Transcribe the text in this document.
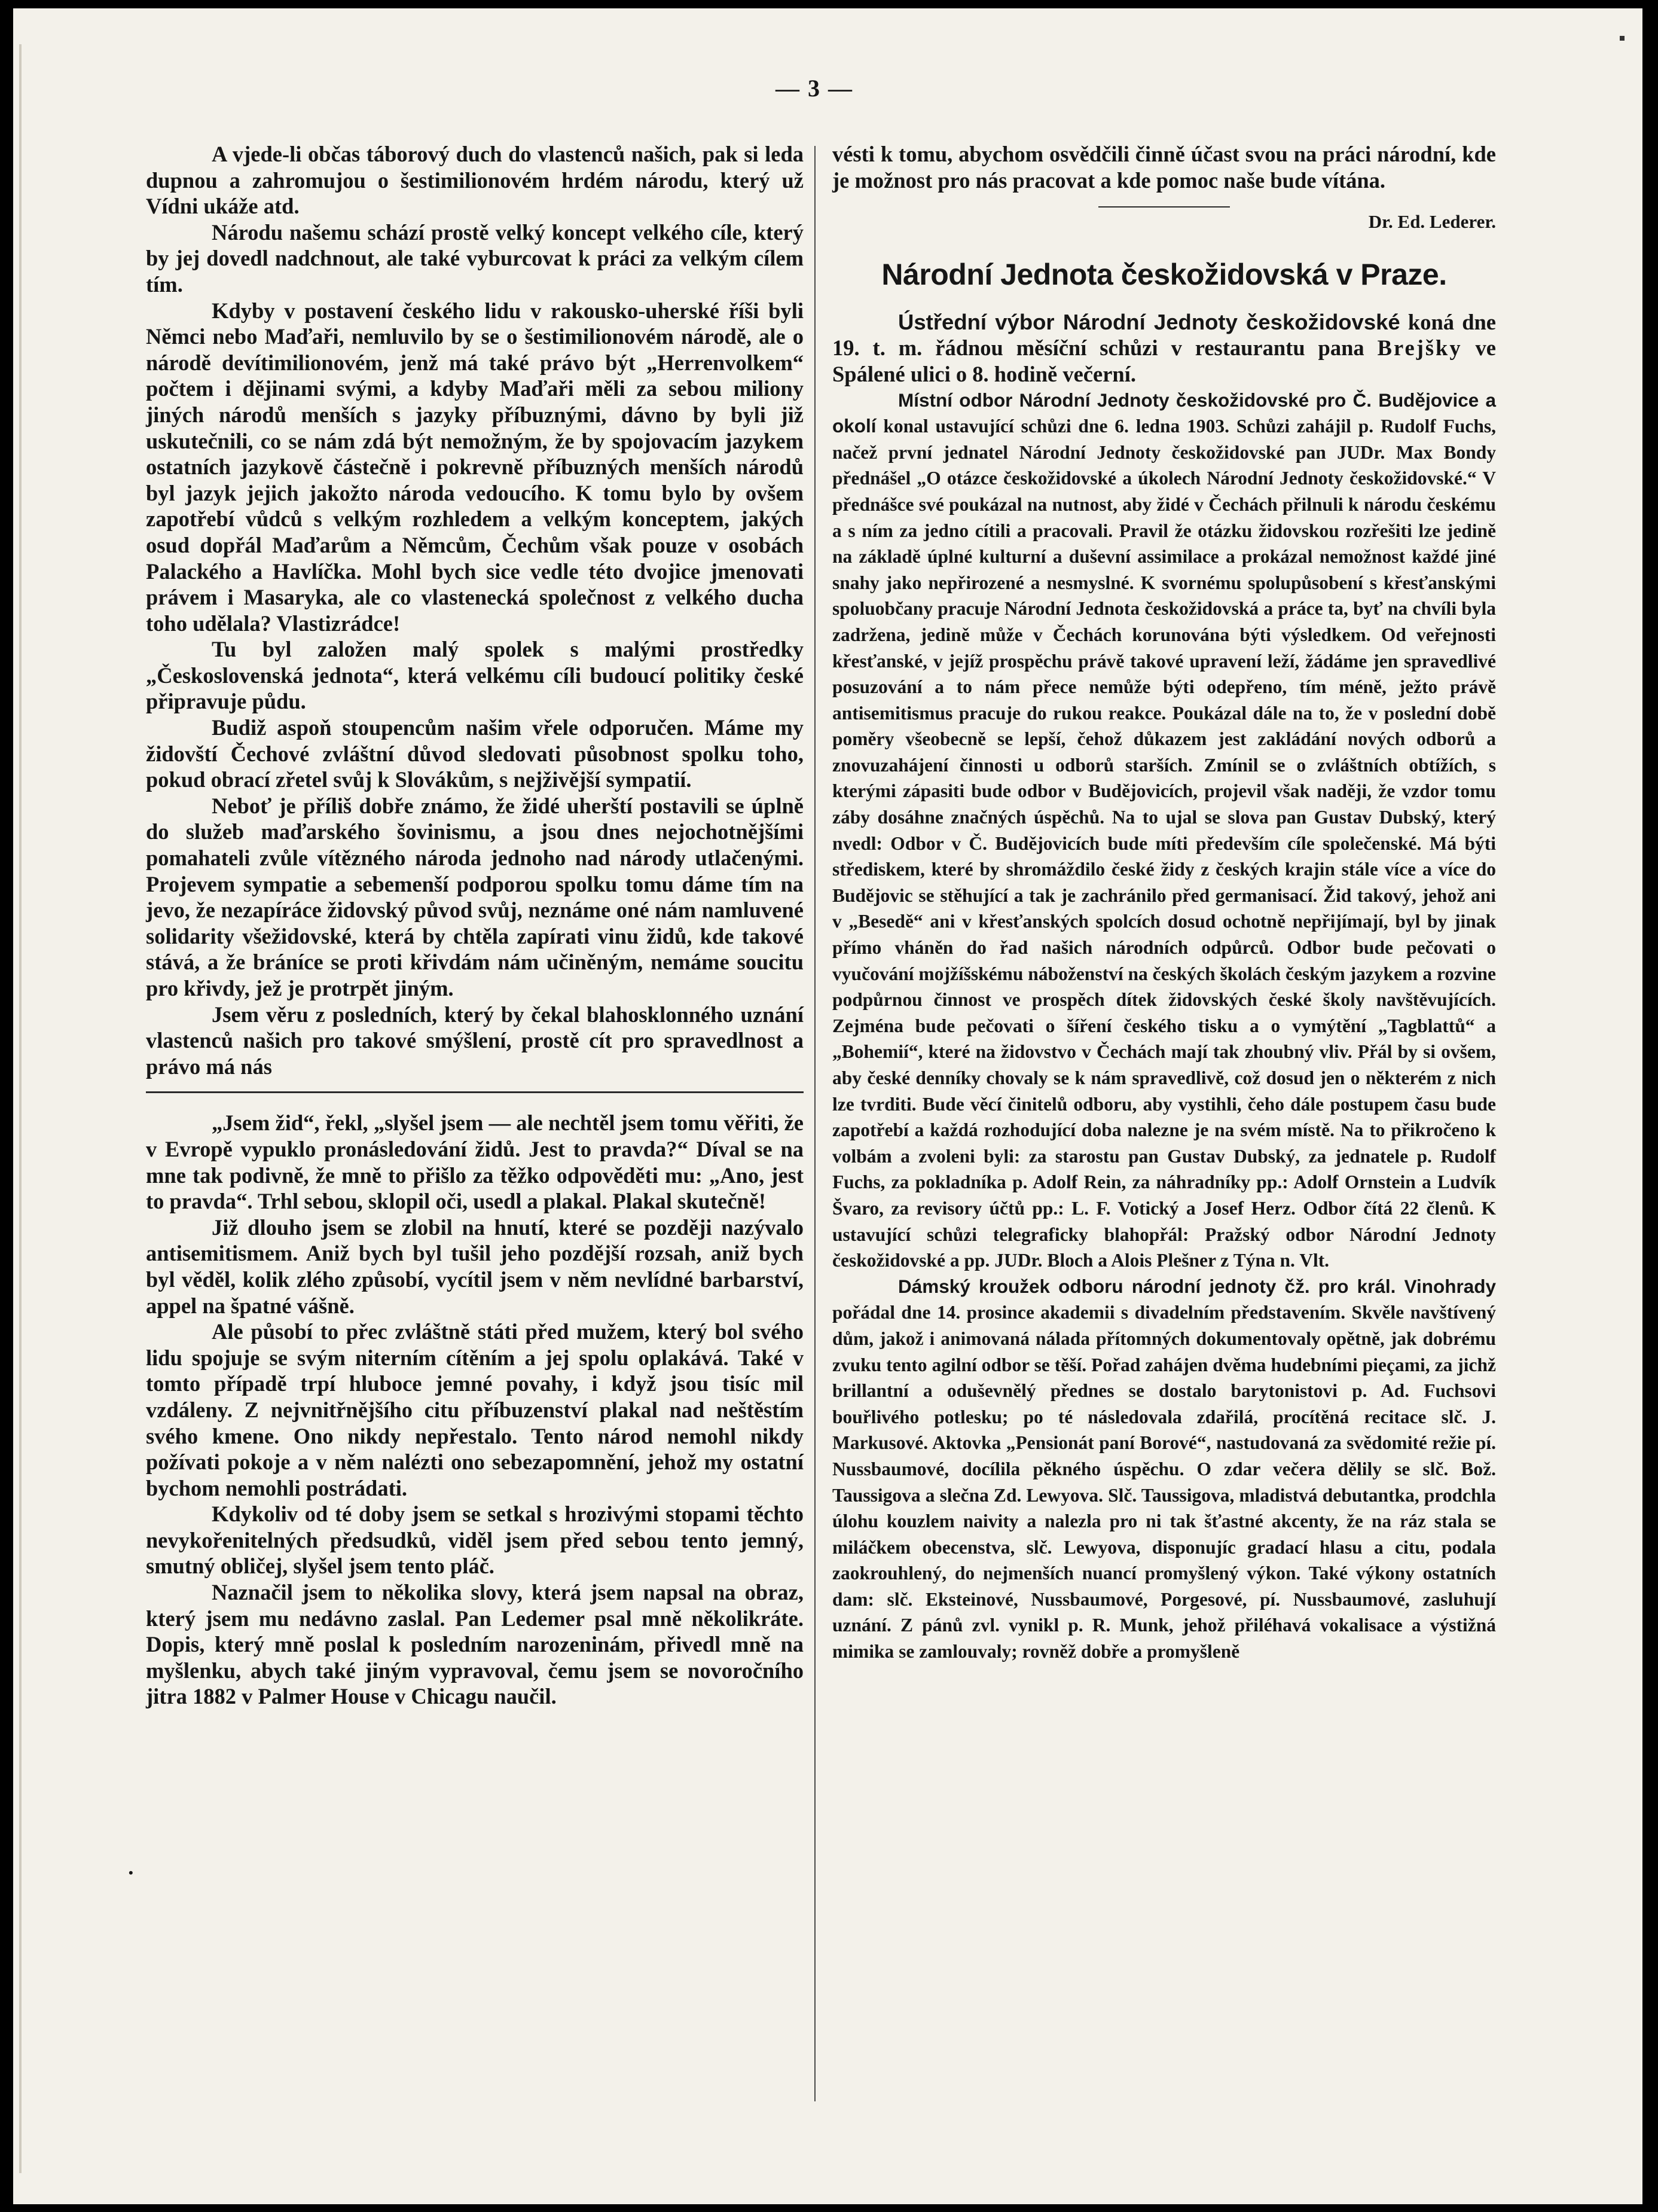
— 3 —

A vjede-li občas táborový duch do vlastenců našich, pak si leda dupnou a zahromujou o šestimilionovém hrdém národu, který už Vídni ukáže atd.

Národu našemu schází prostě velký koncept velkého cíle, který by jej dovedl nadchnout, ale také vyburcovat k práci za velkým cílem tím.

Kdyby v postavení českého lidu v rakousko-uherské říši byli Němci nebo Maďaři, nemluvilo by se o šestimilionovém národě, ale o národě devítimilionovém, jenž má také právo být „Herrenvolkem“ počtem i dějinami svými, a kdyby Maďaři měli za sebou miliony jiných národů menších s jazyky příbuznými, dávno by byli již uskutečnili, co se nám zdá být nemožným, že by spojovacím jazykem ostatních jazykově částečně i pokrevně příbuzných menších národů byl jazyk jejich jakožto národa vedoucího. K tomu bylo by ovšem zapotřebí vůdců s velkým rozhledem a velkým konceptem, jakých osud dopřál Maďarům a Němcům, Čechům však pouze v osobách Palackého a Havlíčka. Mohl bych sice vedle této dvojice jmenovati právem i Masaryka, ale co vlastenecká společnost z velkého ducha toho udělala? Vlastizrádce!

Tu byl založen malý spolek s malými prostředky „Československá jednota“, která velkému cíli budoucí politiky české připravuje půdu.

Budiž aspoň stoupencům našim vřele odporučen. Máme my židovští Čechové zvláštní důvod sledovati působnost spolku toho, pokud obrací zřetel svůj k Slovákům, s nejživější sympatií.

Neboť je příliš dobře známo, že židé uherští postavili se úplně do služeb maďarského šovinismu, a jsou dnes nejochotnějšími pomahateli zvůle vítězného národa jednoho nad národy utlačenými. Projevem sympatie a sebemenší podporou spolku tomu dáme tím na jevo, že nezapíráce židovský původ svůj, neznáme oné nám namluvené solidarity všežidovské, která by chtěla zapírati vinu židů, kde takové stává, a že bráníce se proti křivdám nám učiněným, nemáme soucitu pro křivdy, jež je protrpět jiným.

Jsem věru z posledních, který by čekal blahosklonného uznání vlastenců našich pro takové smýšlení, prostě cít pro spravedlnost a právo má nás

„Jsem žid“, řekl, „slyšel jsem — ale nechtěl jsem tomu věřiti, že v Evropě vypuklo pronásledování židů. Jest to pravda?“ Díval se na mne tak podivně, že mně to přišlo za těžko odpověděti mu: „Ano, jest to pravda“. Trhl sebou, sklopil oči, usedl a plakal. Plakal skutečně!

Již dlouho jsem se zlobil na hnutí, které se později nazývalo antisemitismem. Aniž bych byl tušil jeho pozdější rozsah, aniž bych byl věděl, kolik zlého způsobí, vycítil jsem v něm nevlídné barbarství, appel na špatné vášně.

Ale působí to přec zvláštně státi před mužem, který bol svého lidu spojuje se svým niterním cítěním a jej spolu oplakává. Také v tomto případě trpí hluboce jemné povahy, i když jsou tisíc mil vzdáleny. Z nejvnitřnějšího citu příbuzenství plakal nad neštěstím svého kmene. Ono nikdy nepřestalo. Tento národ nemohl nikdy požívati pokoje a v něm nalézti ono sebezapomnění, jehož my ostatní bychom nemohli postrádati.

Kdykoliv od té doby jsem se setkal s hrozivými stopami těchto nevykořenitelných předsudků, viděl jsem před sebou tento jemný, smutný obličej, slyšel jsem tento pláč.

Naznačil jsem to několika slovy, která jsem napsal na obraz, který jsem mu nedávno zaslal. Pan Ledemer psal mně několikráte. Dopis, který mně poslal k posledním narozeninám, přivedl mně na myšlenku, abych také jiným vypravoval, čemu jsem se novoročního jitra 1882 v Palmer House v Chicagu naučil.

vésti k tomu, abychom osvědčili činně účast svou na práci národní, kde je možnost pro nás pracovat a kde pomoc naše bude vítána.

Dr. Ed. Lederer.
Národní Jednota českožidovská v Praze.

Ústřední výbor Národní Jednoty českožidovské koná dne 19. t. m. řádnou měsíční schůzi v restaurantu pana Brejšky ve Spálené ulici o 8. hodině večerní.

Místní odbor Národní Jednoty českožidovské pro Č. Budějovice a okolí konal ustavující schůzi dne 6. ledna 1903. Schůzi zahájil p. Rudolf Fuchs, načež první jednatel Národní Jednoty českožidovské pan JUDr. Max Bondy přednášel „O otázce českožidovské a úkolech Národní Jednoty českožidovské.“ V přednášce své poukázal na nutnost, aby židé v Čechách přilnuli k národu českému a s ním za jedno cítili a pracovali. Pravil že otázku židovskou rozřešiti lze jedině na základě úplné kulturní a duševní assimilace a prokázal nemožnost každé jiné snahy jako nepřirozené a nesmyslné. K svornému spolupůsobení s křesťanskými spoluobčany pracuje Národní Jednota českožidovská a práce ta, byť na chvíli byla zadržena, jedině může v Čechách korunována býti výsledkem. Od veřejnosti křesťanské, v jejíž prospěchu právě takové upravení leží, žádáme jen spravedlivé posuzování a to nám přece nemůže býti odepřeno, tím méně, ježto právě antisemitismus pracuje do rukou reakce. Poukázal dále na to, že v poslední době poměry všeobecně se lepší, čehož důkazem jest zakládání nových odborů a znovuzahájení činnosti u odborů starších. Zmínil se o zvláštních obtížích, s kterými zápasiti bude odbor v Budějovicích, projevil však naději, že vzdor tomu záby dosáhne značných úspěchů. Na to ujal se slova pan Gustav Dubský, který nvedl: Odbor v Č. Budějovicích bude míti především cíle společenské. Má býti střediskem, které by shromáždilo české židy z českých krajin stále více a více do Budějovic se stěhující a tak je zachránilo před germanisací. Žid takový, jehož ani v „Besedě“ ani v křesťanských spolcích dosud ochotně nepřijímají, byl by jinak přímo vháněn do řad našich národních odpůrců. Odbor bude pečovati o vyučování mojžíšskému náboženství na českých školách českým jazykem a rozvine podpůrnou činnost ve prospěch dítek židovských české školy navštěvujících. Zejména bude pečovati o šíření českého tisku a o vymýtění „Tagblattů“ a „Bohemií“, které na židovstvo v Čechách mají tak zhoubný vliv. Přál by si ovšem, aby české denníky chovaly se k nám spravedlivě, což dosud jen o některém z nich lze tvrditi. Bude věcí činitelů odboru, aby vystihli, čeho dále postupem času bude zapotřebí a každá rozhodující doba nalezne je na svém místě. Na to přikročeno k volbám a zvoleni byli: za starostu pan Gustav Dubský, za jednatele p. Rudolf Fuchs, za pokladníka p. Adolf Rein, za náhradníky pp.: Adolf Ornstein a Ludvík Švaro, za revisory účtů pp.: L. F. Votický a Josef Herz. Odbor čítá 22 členů. K ustavující schůzi telegraficky blahopřál: Pražský odbor Národní Jednoty českožidovské a pp. JUDr. Bloch a Alois Plešner z Týna n. Vlt.

Dámský kroužek odboru národní jednoty čž. pro král. Vinohrady pořádal dne 14. prosince akademii s divadelním představením. Skvěle navštívený dům, jakož i animovaná nálada přítomných dokumentovaly opětně, jak dobrému zvuku tento agilní odbor se těší. Pořad zahájen dvěma hudebními pieçami, za jichž brillantní a oduševnělý přednes se dostalo barytonistovi p. Ad. Fuchsovi bouřlivého potlesku; po té následovala zdařilá, procítěná recitace slč. J. Markusové. Aktovka „Pensionát paní Borové“, nastudovaná za svědomité režie pí. Nussbaumové, docílila pěkného úspěchu. O zdar večera dělily se slč. Bož. Taussigova a slečna Zd. Lewyova. Slč. Taussigova, mladistvá debutantka, prodchla úlohu kouzlem naivity a nalezla pro ni tak šťastné akcenty, že na ráz stala se miláčkem obecenstva, slč. Lewyova, disponujíc gradací hlasu a citu, podala zaokrouhlený, do nejmenších nuancí promyšlený výkon. Také výkony ostatních dam: slč. Eksteinové, Nussbaumové, Porgesové, pí. Nussbaumové, zasluhují uznání. Z pánů zvl. vynikl p. R. Munk, jehož přiléhavá vokalisace a výstižná mimika se zamlouvaly; rovněž dobře a promyšleně

•
